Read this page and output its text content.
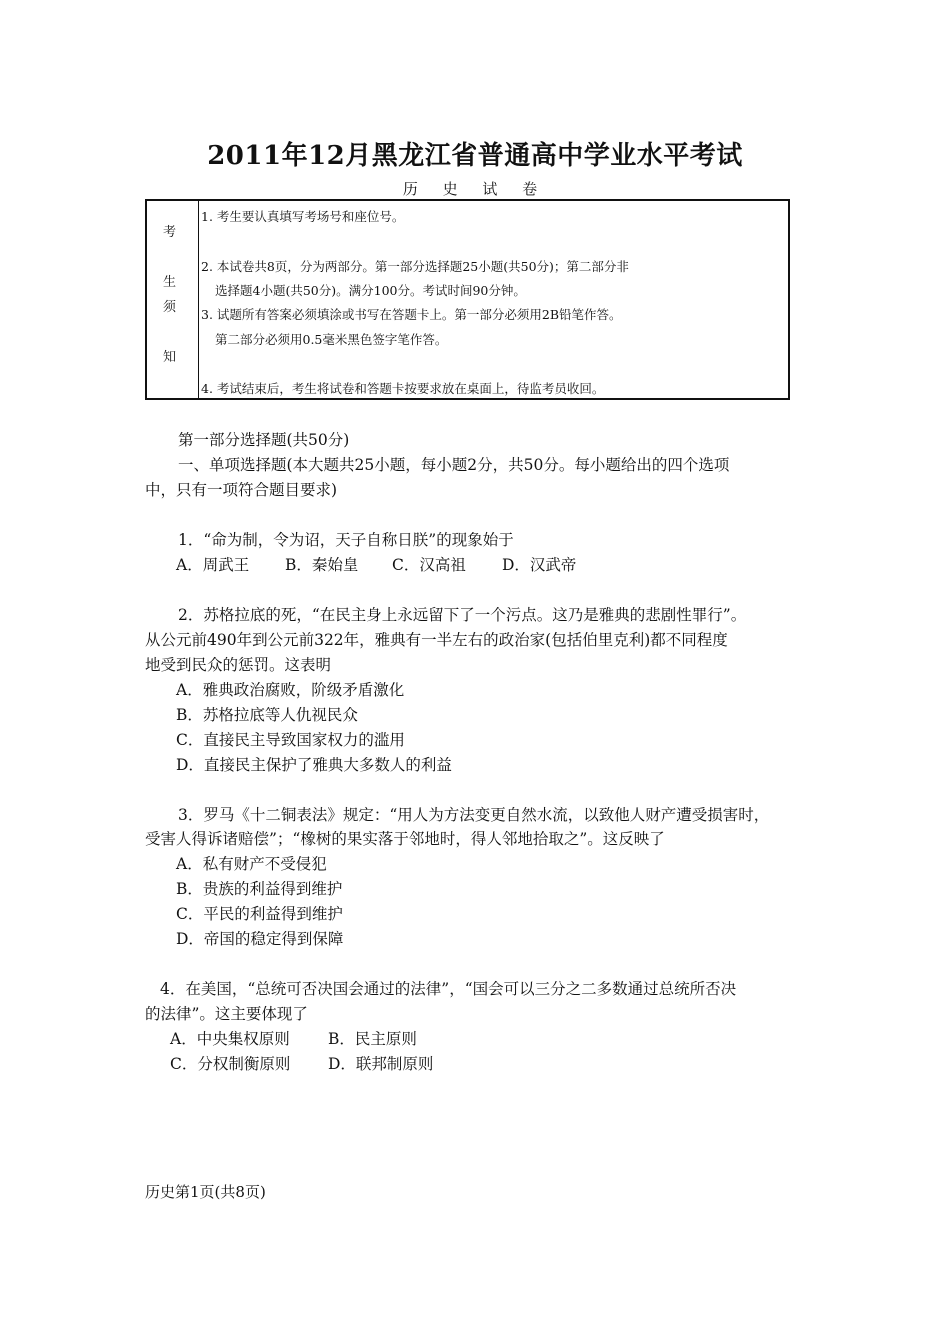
2011年12月黑龙江省普通高中学业水平考试
历 史 试 卷
考
生
须
知
1. 考生要认真填写考场号和座位号。
2. 本试卷共8页，分为两部分。第一部分选择题25小题(共50分)；第二部分非
选择题4小题(共50分)。满分100分。考试时间90分钟。
3. 试题所有答案必须填涂或书写在答题卡上。第一部分必须用2B铅笔作答。
第二部分必须用0.5毫米黑色签字笔作答。
4. 考试结束后，考生将试卷和答题卡按要求放在桌面上，待监考员收回。
第一部分选择题(共50分)
一、单项选择题(本大题共25小题，每小题2分，共50分。每小题给出的四个选项
中，只有一项符合题目要求)
1．“命为制，令为诏，天子自称日朕”的现象始于
A．周武王 B．秦始皇 C．汉高祖 D．汉武帝
2．苏格拉底的死，“在民主身上永远留下了一个污点。这乃是雅典的悲剧性罪行”。
从公元前490年到公元前322年，雅典有一半左右的政治家(包括伯里克利)都不同程度
地受到民众的惩罚。这表明
A．雅典政治腐败，阶级矛盾激化
B．苏格拉底等人仇视民众
C．直接民主导致国家权力的滥用
D．直接民主保护了雅典大多数人的利益
3．罗马《十二铜表法》规定：“用人为方法变更自然水流，以致他人财产遭受损害时，
受害人得诉诸赔偿”；“橡树的果实落于邻地时，得人邻地拾取之”。这反映了
A．私有财产不受侵犯
B．贵族的利益得到维护
C．平民的利益得到维护
D．帝国的稳定得到保障
4．在美国，“总统可否决国会通过的法律”，“国会可以三分之二多数通过总统所否决
的法律”。这主要体现了
A．中央集权原则 B．民主原则
C．分权制衡原则 D．联邦制原则
历史第1页(共8页)
